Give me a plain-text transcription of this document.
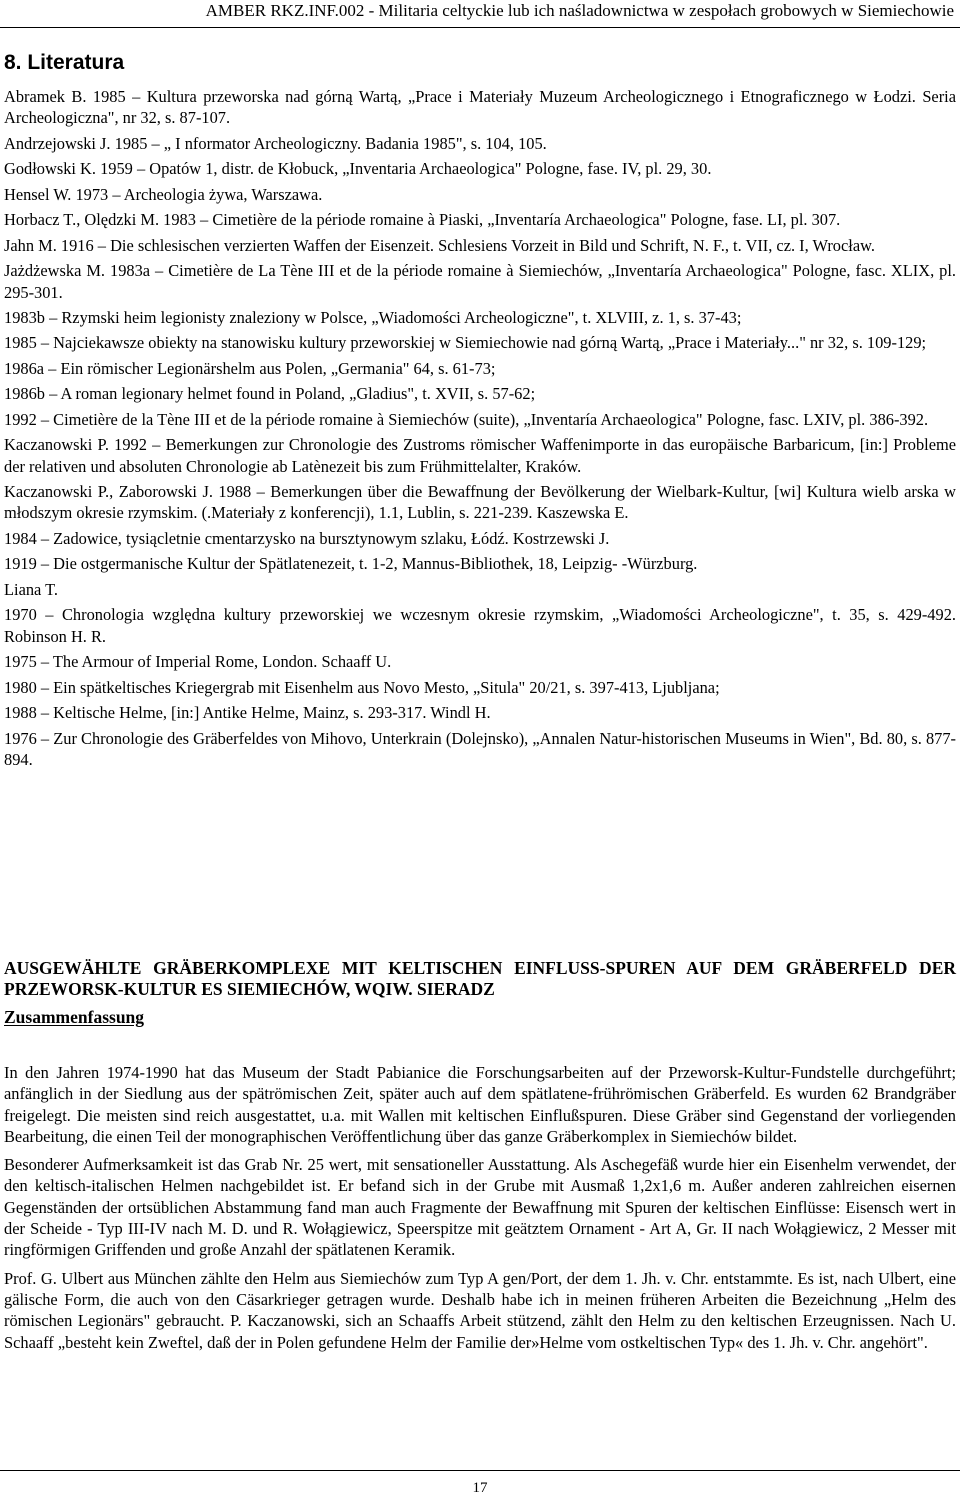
AMBER RKZ.INF.002 - Militaria celtyckie lub ich naśladownictwa w zespołach grobowych w Siemiechowie
8. Literatura

Abramek B. 1985 – Kultura przeworska nad górną Wartą, „Prace i Materiały Muzeum Archeologicznego i Etnograficznego w Łodzi. Seria Archeologiczna", nr 32, s. 87-107.

Andrzejowski J. 1985 – „ I nformator Archeologiczny. Badania 1985", s. 104, 105.

Godłowski K. 1959 – Opatów 1, distr. de Kłobuck, „Inventaria Archaeologica" Pologne, fase. IV, pl. 29, 30.

Hensel W. 1973 – Archeologia żywa, Warszawa.

Horbacz T., Olędzki M. 1983 – Cimetière de la période romaine à Piaski, „Inventaría Archaeologica" Pologne, fase. LI, pl. 307.

Jahn M. 1916 – Die schlesischen verzierten Waffen der Eisenzeit. Schlesiens Vorzeit in Bild und Schrift, N. F., t. VII, cz. I, Wrocław.

Jażdżewska M. 1983a – Cimetière de La Tène III et de la période romaine à Siemiechów, „Inventaría Archaeologica" Pologne, fasc. XLIX, pl. 295-301.

1983b – Rzymski heim legionisty znaleziony w Polsce, „Wiadomości Archeologiczne", t. XLVIII, z. 1, s. 37-43;

1985 – Najciekawsze obiekty na stanowisku kultury przeworskiej w Siemiechowie nad górną Wartą, „Prace i Materiały..." nr 32, s. 109-129;

1986a – Ein römischer Legionärshelm aus Polen, „Germania" 64, s. 61-73;

1986b – A roman legionary helmet found in Poland, „Gladius", t. XVII, s. 57-62;

1992 – Cimetière de la Tène III et de la période romaine à Siemiechów (suite), „Inventaría Archaeologica" Pologne, fasc. LXIV, pl. 386-392.

Kaczanowski P. 1992 – Bemerkungen zur Chronologie des Zustroms römischer Waffenimporte in das europäische Barbaricum, [in:] Probleme der relativen und absoluten Chronologie ab Latènezeit bis zum Frühmittelalter, Kraków.

Kaczanowski P., Zaborowski J. 1988 – Bemerkungen über die Bewaffnung der Bevölkerung der Wielbark-Kultur, [wi] Kultura wielb arska w młodszym okresie rzymskim. (.Materiały z konferencji), 1.1, Lublin, s. 221-239. Kaszewska E.

1984 – Zadowice, tysiącletnie cmentarzysko na bursztynowym szlaku, Łódź. Kostrzewski J.

1919 – Die ostgermanische Kultur der Spätlatenezeit, t. 1-2, Mannus-Bibliothek, 18, Leipzig- -Würzburg.

Liana T.

1970 – Chronologia względna kultury przeworskiej we wczesnym okresie rzymskim, „Wiadomości Archeologiczne", t. 35, s. 429-492. Robinson H. R.

1975 – The Armour of Imperial Rome, London. Schaaff U.

1980 – Ein spätkeltisches Kriegergrab mit Eisenhelm aus Novo Mesto, „Situla" 20/21, s. 397-413, Ljubljana;

1988 – Keltische Helme, [in:] Antike Helme, Mainz, s. 293-317. Windl H.

1976 – Zur Chronologie des Gräberfeldes von Mihovo, Unterkrain (Dolejnsko), „Annalen Natur-historischen Museums in Wien", Bd. 80, s. 877-894.

AUSGEWÄHLTE GRÄBERKOMPLEXE MIT KELTISCHEN EINFLUSS-SPUREN AUF DEM GRÄBERFELD DER PRZEWORSK-KULTUR ES SIEMIECHÓW, WQIW. SIERADZ

Zusammenfassung

In den Jahren 1974-1990 hat das Museum der Stadt Pabianice die Forschungsarbeiten auf der Przeworsk-Kultur-Fundstelle durchgeführt; anfänglich in der Siedlung aus der spätrömischen Zeit, später auch auf dem spätlatene-frührömischen Gräberfeld. Es wurden 62 Brandgräber freigelegt. Die meisten sind reich ausgestattet, u.a. mit Wallen mit keltischen Einflußspuren. Diese Gräber sind Gegenstand der vorliegenden Bearbeitung, die einen Teil der monographischen Veröffentlichung über das ganze Gräberkomplex in Siemiechów bildet.

Besonderer Aufmerksamkeit ist das Grab Nr. 25 wert, mit sensationeller Ausstattung. Als Aschegefäß wurde hier ein Eisenhelm verwendet, der den keltisch-italischen Helmen nachgebildet ist. Er befand sich in der Grube mit Ausmaß 1,2x1,6 m. Außer anderen zahlreichen eisernen Gegenständen der ortsüblichen Abstammung fand man auch Fragmente der Bewaffnung mit Spuren der keltischen Einflüsse: Eisensch wert in der Scheide - Typ III-IV nach M. D. und R. Wołągiewicz, Speerspitze mit geätztem Ornament - Art A, Gr. II nach Wołągiewicz, 2 Messer mit ringförmigen Griffenden und große Anzahl der spätlatenen Keramik.

Prof. G. Ulbert aus München zählte den Helm aus Siemiechów zum Typ A gen/Port, der dem 1. Jh. v. Chr. entstammte. Es ist, nach Ulbert, eine gälische Form, die auch von den Cäsarkrieger getragen wurde. Deshalb habe ich in meinen früheren Arbeiten die Bezeichnung „Helm des römischen Legionärs" gebraucht. P. Kaczanowski, sich an Schaaffs Arbeit stützend, zählt den Helm zu den keltischen Erzeugnissen. Nach U. Schaaff „besteht kein Zweftel, daß der in Polen gefundene Helm der Familie der»Helme vom ostkeltischen Typ« des 1. Jh. v. Chr. angehört".

17
